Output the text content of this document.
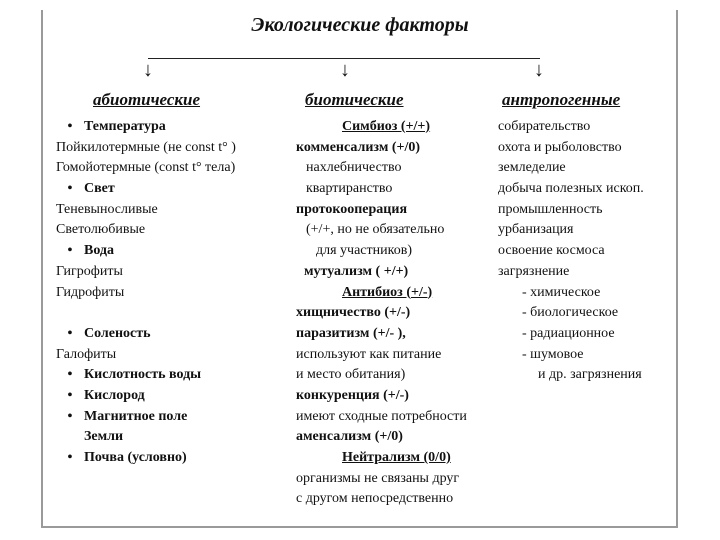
Экологические факторы
↓	↓	↓
абиотические	биотические	антропогенные
• Температура
Пойкилотермные (не const t° )
Гомойотермные (const t° тела)
• Свет
Теневыносливые
Светолюбивые
• Вода
Гигрофиты
Гидрофиты
• Соленость
Галофиты
• Кислотность воды
• Кислород
• Магнитное поле
Земли
• Почва (условно)
Симбиоз (+/+)
комменсализм (+/0)
нахлебничество
квартиранство
протокооперация
(+/+, но не обязательно
для участников)
мутуализм ( +/+)
Антибиоз (+/-)
хищничество (+/-)
паразитизм (+/- ),
используют как питание
и место обитания)
конкуренция (+/-)
имеют сходные потребности
аменсализм (+/0)
Нейтрализм (0/0)
организмы не связаны друг
с другом непосредственно
собирательство
охота и рыболовство
земледелие
добыча полезных ископ.
промышленность
урбанизация
освоение космоса
загрязнение
- химическое
- биологическое
- радиационное
- шумовое
и др. загрязнения
